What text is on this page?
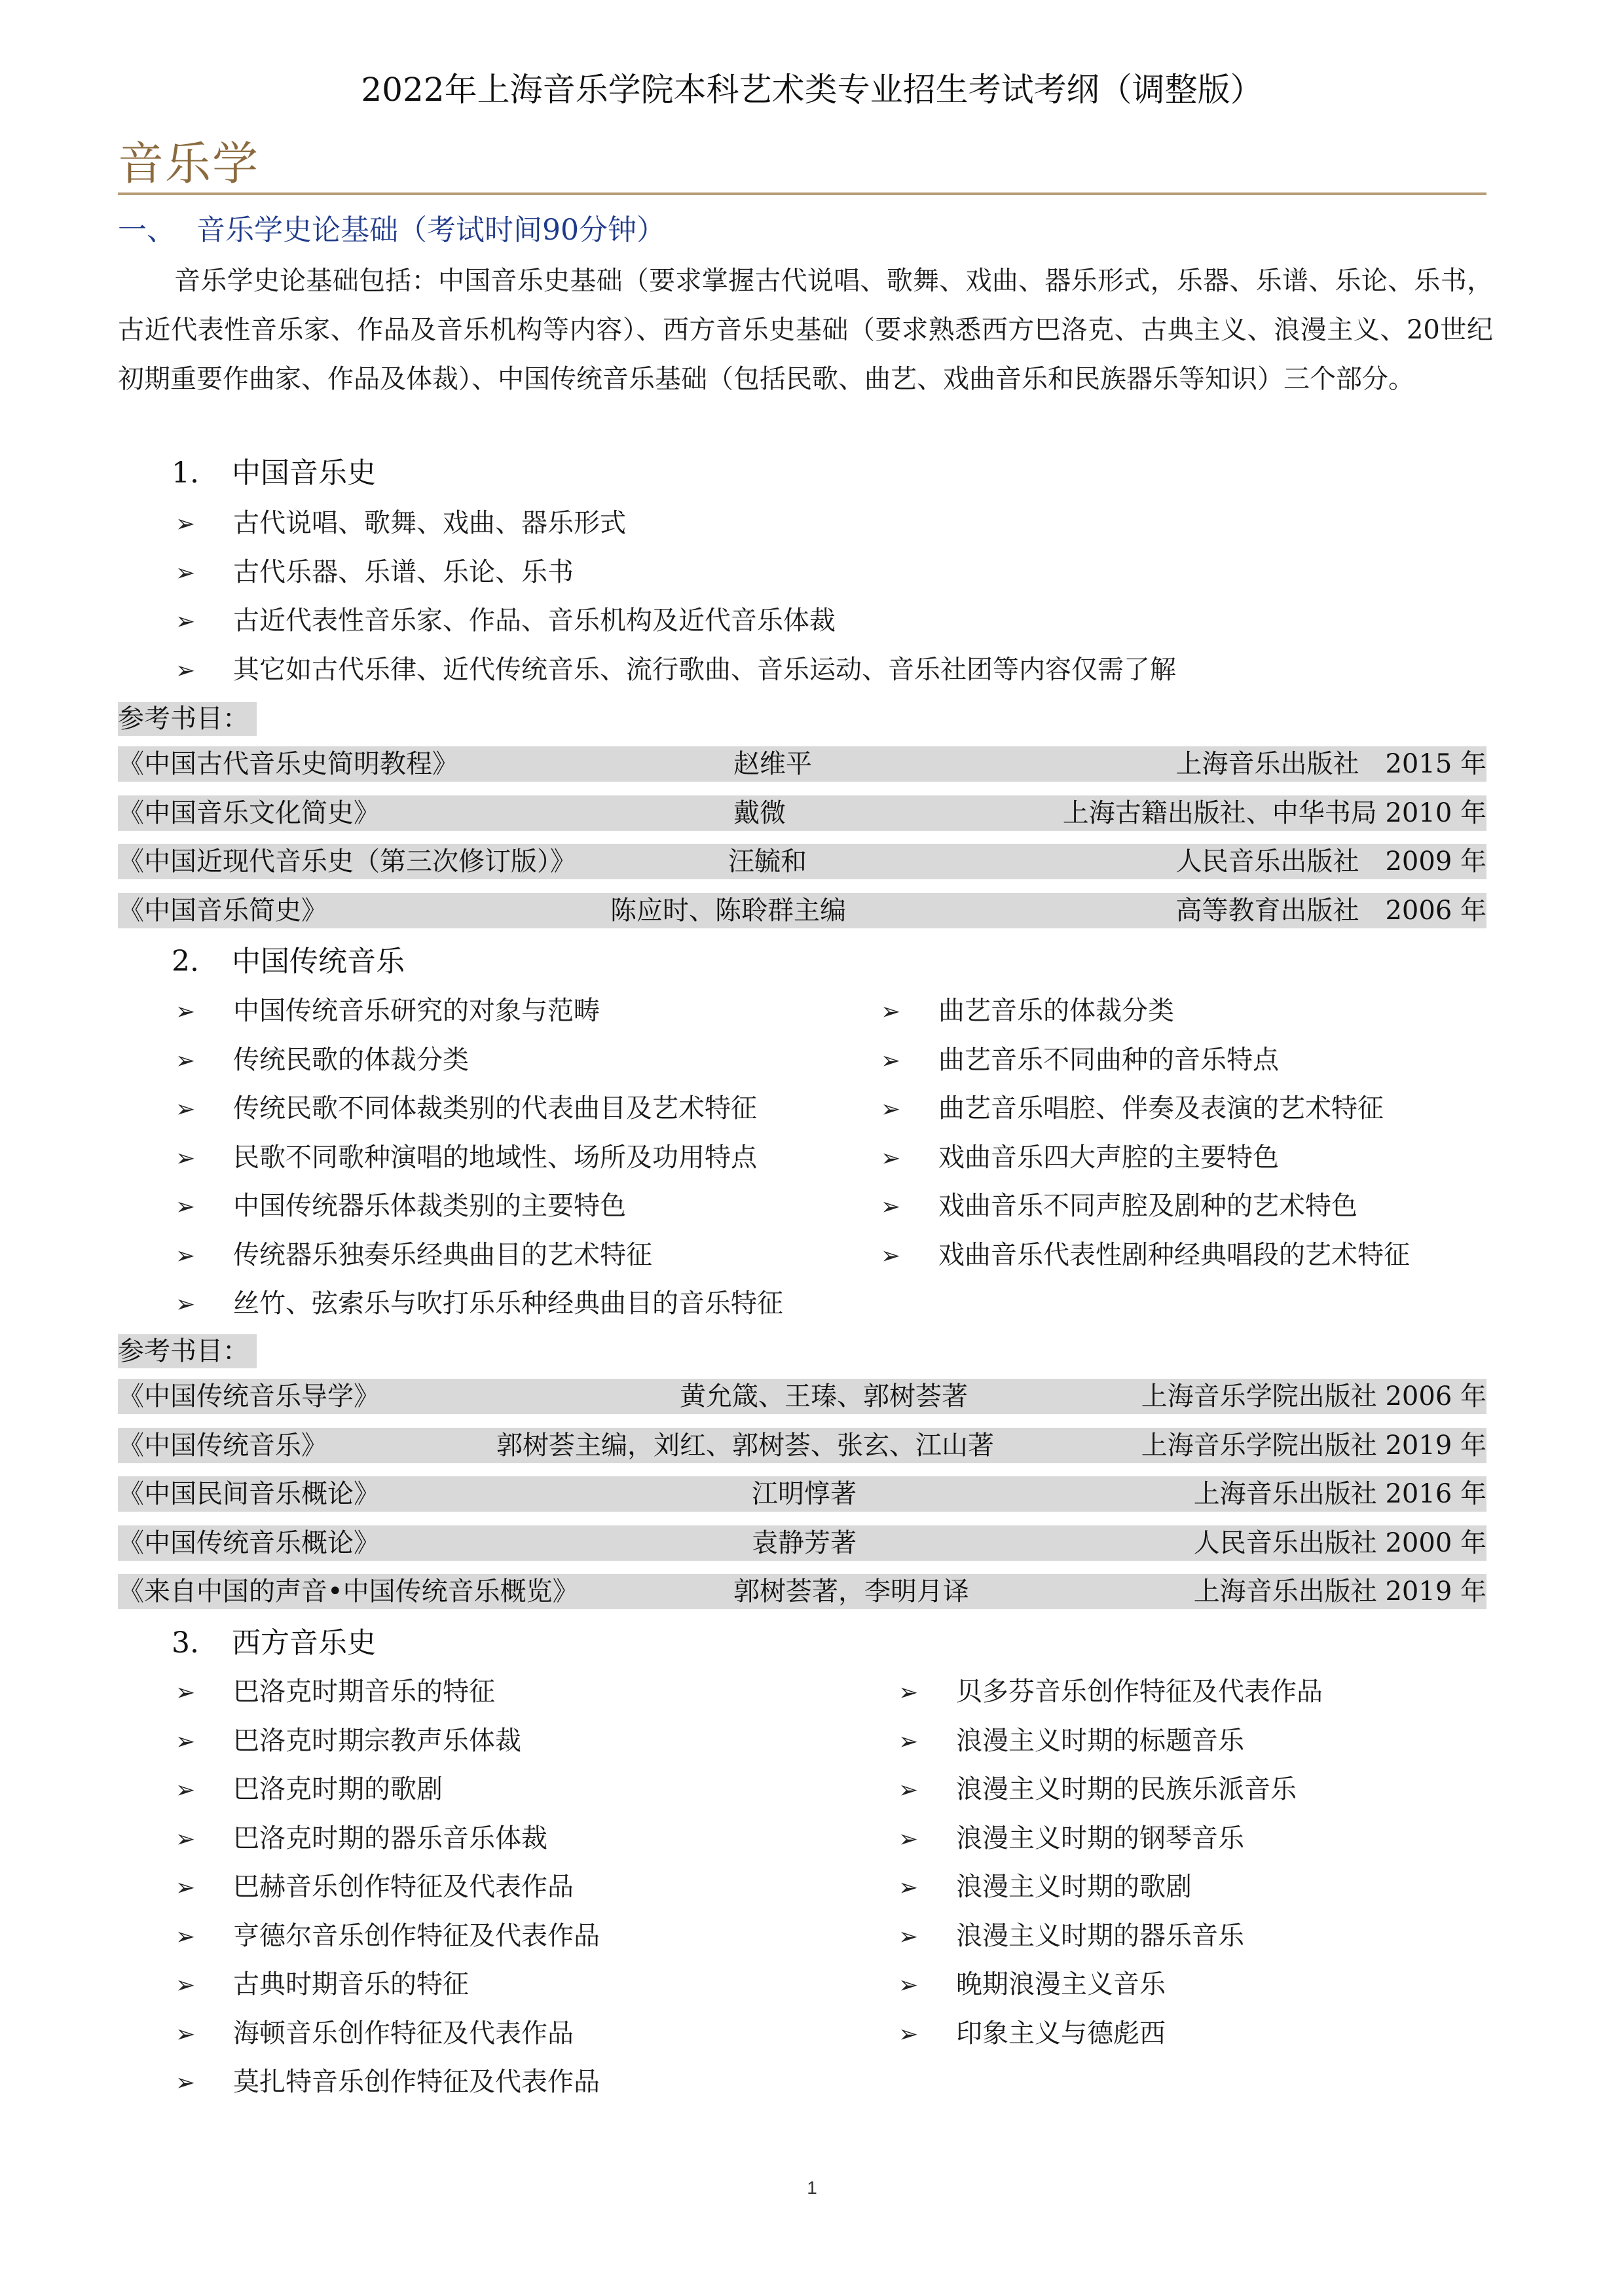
2022年上海音乐学院本科艺术类专业招生考试考纲（调整版）
音乐学
一、 音乐学史论基础（考试时间90分钟）
音乐学史论基础包括：中国音乐史基础（要求掌握古代说唱、歌舞、戏曲、器乐形式，乐器、乐谱、乐论、乐书，古近代表性音乐家、作品及音乐机构等内容）、西方音乐史基础（要求熟悉西方巴洛克、古典主义、浪漫主义、20世纪初期重要作曲家、作品及体裁）、中国传统音乐基础（包括民歌、曲艺、戏曲音乐和民族器乐等知识）三个部分。
1. 中国音乐史
➢ 古代说唱、歌舞、戏曲、器乐形式
➢ 古代乐器、乐谱、乐论、乐书
➢ 古近代表性音乐家、作品、音乐机构及近代音乐体裁
➢ 其它如古代乐律、近代传统音乐、流行歌曲、音乐运动、音乐社团等内容仅需了解
参考书目：
《中国古代音乐史简明教程》	赵维平	上海音乐出版社　2015 年
《中国音乐文化简史》	戴微	上海古籍出版社、中华书局 2010 年
《中国近现代音乐史（第三次修订版）》	汪毓和	人民音乐出版社　2009 年
《中国音乐简史》	陈应时、陈聆群主编	高等教育出版社　2006 年
2. 中国传统音乐
➢ 中国传统音乐研究的对象与范畴
➢ 传统民歌的体裁分类
➢ 传统民歌不同体裁类别的代表曲目及艺术特征
➢ 民歌不同歌种演唱的地域性、场所及功用特点
➢ 中国传统器乐体裁类别的主要特色
➢ 传统器乐独奏乐经典曲目的艺术特征
➢ 丝竹、弦索乐与吹打乐乐种经典曲目的音乐特征
➢ 曲艺音乐的体裁分类
➢ 曲艺音乐不同曲种的音乐特点
➢ 曲艺音乐唱腔、伴奏及表演的艺术特征
➢ 戏曲音乐四大声腔的主要特色
➢ 戏曲音乐不同声腔及剧种的艺术特色
➢ 戏曲音乐代表性剧种经典唱段的艺术特征
参考书目：
《中国传统音乐导学》	黄允箴、王瑧、郭树荟著	上海音乐学院出版社 2006 年
《中国传统音乐》	郭树荟主编，刘红、郭树荟、张玄、江山著	上海音乐学院出版社 2019 年
《中国民间音乐概论》	江明惇著	上海音乐出版社 2016 年
《中国传统音乐概论》	袁静芳著	人民音乐出版社 2000 年
《来自中国的声音•中国传统音乐概览》	郭树荟著，李明月译	上海音乐出版社 2019 年
3. 西方音乐史
➢ 巴洛克时期音乐的特征
➢ 巴洛克时期宗教声乐体裁
➢ 巴洛克时期的歌剧
➢ 巴洛克时期的器乐音乐体裁
➢ 巴赫音乐创作特征及代表作品
➢ 亨德尔音乐创作特征及代表作品
➢ 古典时期音乐的特征
➢ 海顿音乐创作特征及代表作品
➢ 莫扎特音乐创作特征及代表作品
➢ 贝多芬音乐创作特征及代表作品
➢ 浪漫主义时期的标题音乐
➢ 浪漫主义时期的民族乐派音乐
➢ 浪漫主义时期的钢琴音乐
➢ 浪漫主义时期的歌剧
➢ 浪漫主义时期的器乐音乐
➢ 晚期浪漫主义音乐
➢ 印象主义与德彪西
1
